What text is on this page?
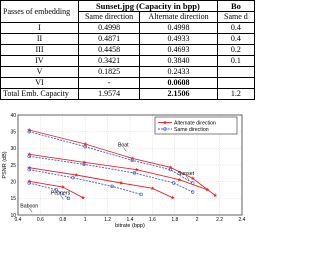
Passes of embedding	Sunset.jpg (Capacity in bpp)		Bo
	Same direction	Alternate direction	Same d
I	0.4998	0.4998	0.4
II	0.4871	0.4933	0.4
III	0.4458	0.4693	0.2
IV	0.3421	0.3840	0.1
V	0.1825	0.2433	
VI	-	0.0608	
Total Emb. Capacity	1.9574	2.1506	1.2
0.4	0.6	0.8	1	1.2	1.4	1.6	1.8	2	2.2	2.4
10
15
20
25
30
35
40
bitrate (bpp)
PSNR (dB)
Boat
Sunset
Peppers
Baboon
Alternate direction
Same direction
